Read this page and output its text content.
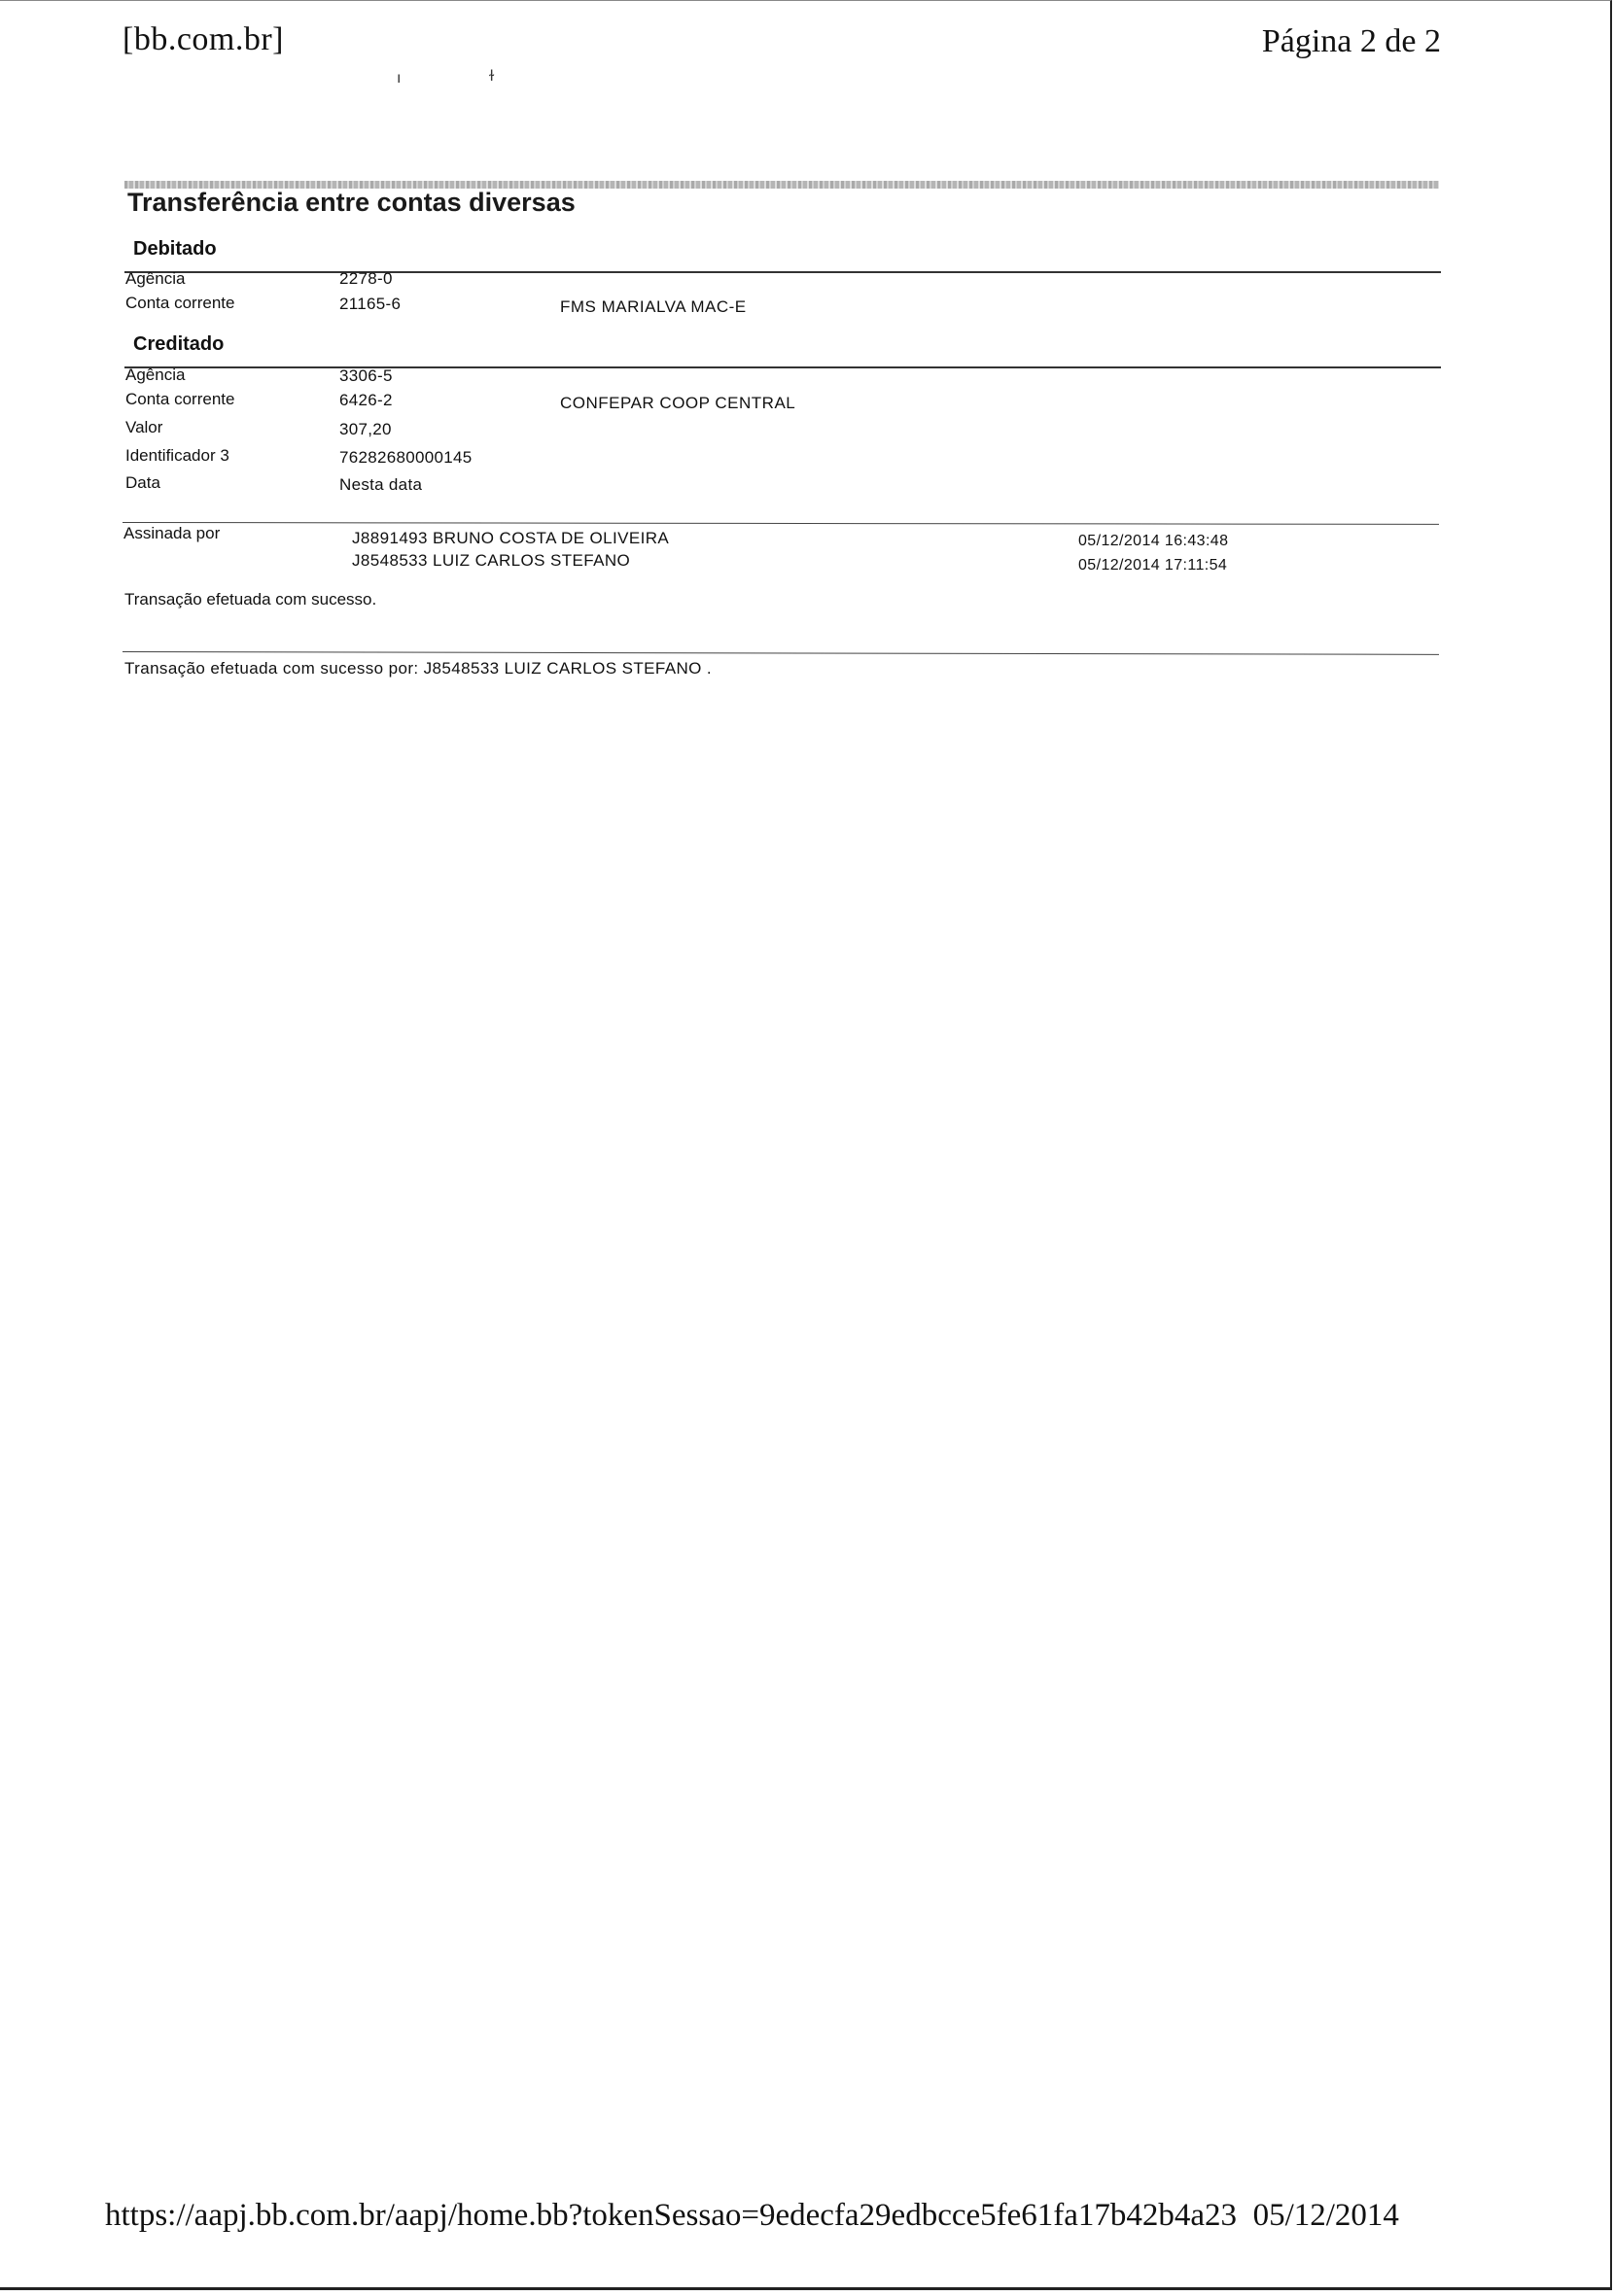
[bb.com.br]	Página 2 de 2
ı	ɫ
Transferência entre contas diversas
Debitado
Agência	2278-0
Conta corrente	21165-6	FMS MARIALVA MAC-E
Creditado
Agência	3306-5
Conta corrente	6426-2	CONFEPAR COOP CENTRAL
Valor	307,20
Identificador 3	76282680000145
Data	Nesta data
Assinada por	J8891493 BRUNO COSTA DE OLIVEIRA	05/12/2014 16:43:48
J8548533 LUIZ CARLOS STEFANO	05/12/2014 17:11:54
Transação efetuada com sucesso.
Transação efetuada com sucesso por: J8548533 LUIZ CARLOS STEFANO .
https://aapj.bb.com.br/aapj/home.bb?tokenSessao=9edecfa29edbcce5fe61fa17b42b4a23 05/12/2014
